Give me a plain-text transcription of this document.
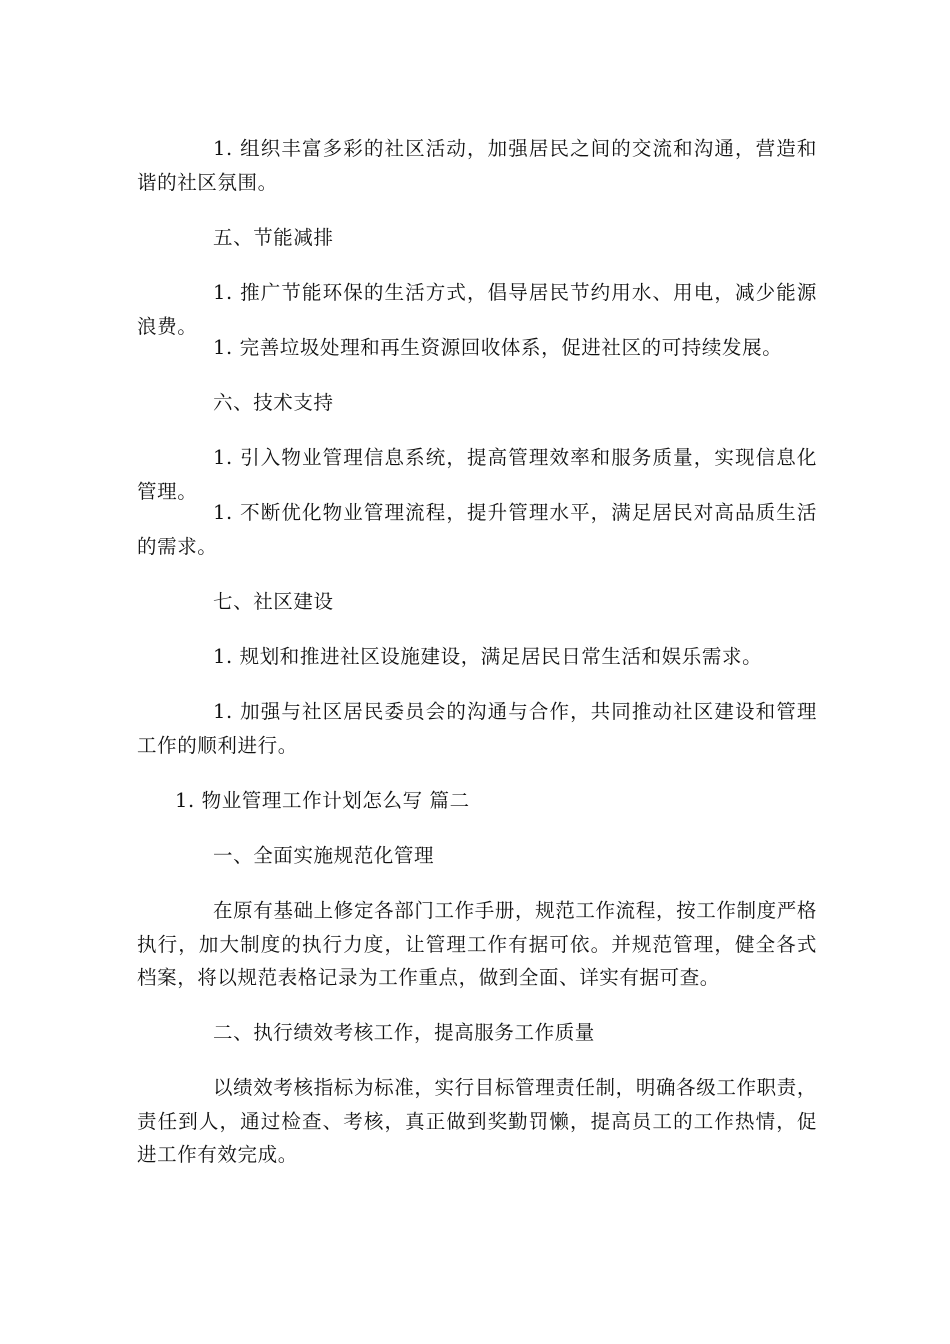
1. 组织丰富多彩的社区活动，加强居民之间的交流和沟通，营造和谐的社区氛围。

五、节能减排

1. 推广节能环保的生活方式，倡导居民节约用水、用电，减少能源浪费。

1. 完善垃圾处理和再生资源回收体系，促进社区的可持续发展。

六、技术支持

1. 引入物业管理信息系统，提高管理效率和服务质量，实现信息化管理。

1. 不断优化物业管理流程，提升管理水平，满足居民对高品质生活的需求。

七、社区建设

1. 规划和推进社区设施建设，满足居民日常生活和娱乐需求。

1. 加强与社区居民委员会的沟通与合作，共同推动社区建设和管理工作的顺利进行。

1. 物业管理工作计划怎么写 篇二

一、全面实施规范化管理

在原有基础上修定各部门工作手册，规范工作流程，按工作制度严格执行，加大制度的执行力度，让管理工作有据可依。并规范管理，健全各式档案，将以规范表格记录为工作重点，做到全面、详实有据可查。

二、执行绩效考核工作，提高服务工作质量

以绩效考核指标为标准，实行目标管理责任制，明确各级工作职责，责任到人，通过检查、考核，真正做到奖勤罚懒，提高员工的工作热情，促进工作有效完成。
